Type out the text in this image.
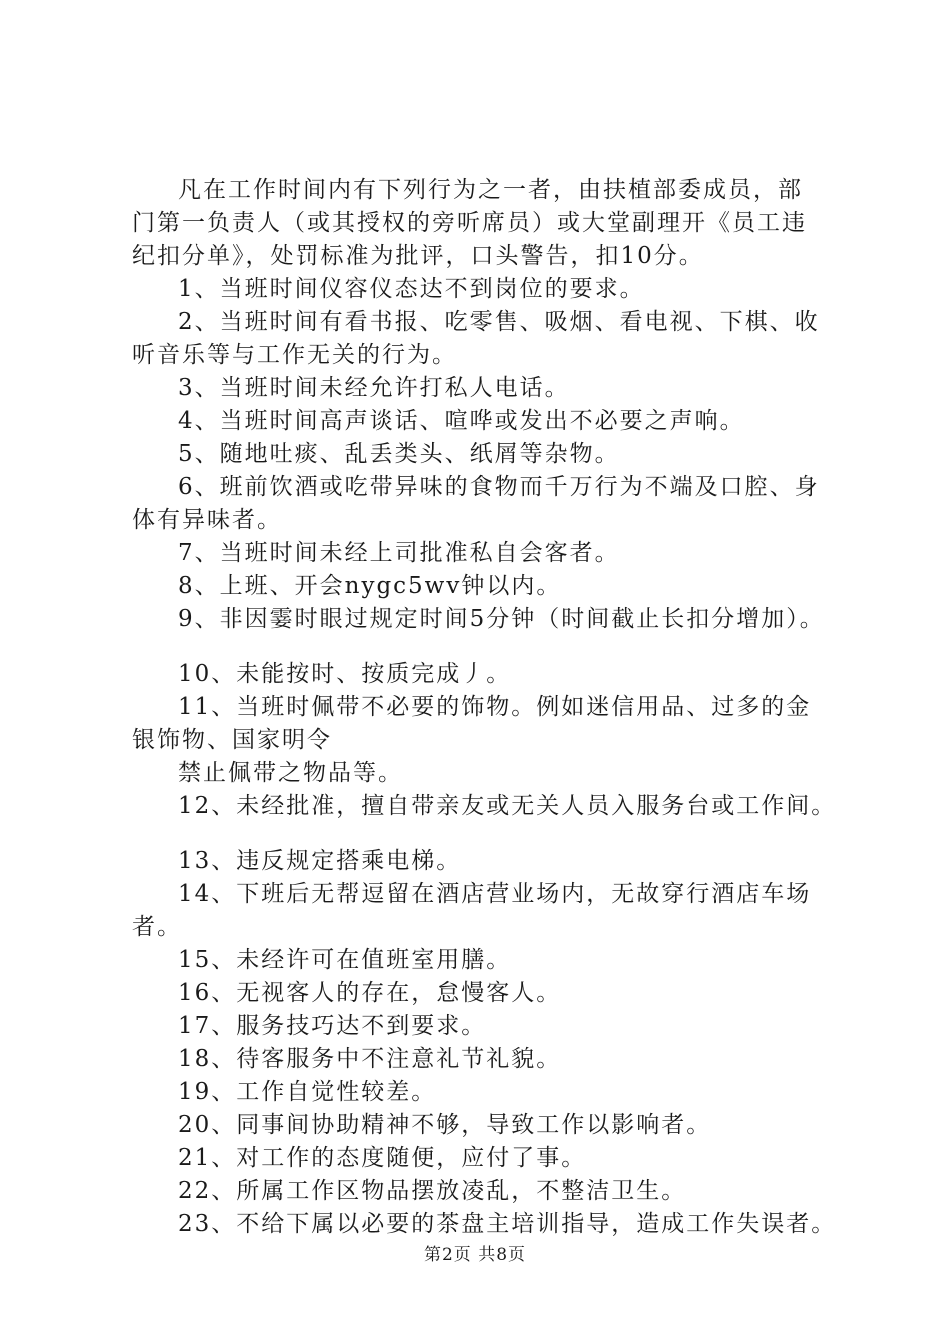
凡在工作时间内有下列行为之一者，由扶植部委成员，部
门第一负责人（或其授权的旁听席员）或大堂副理开《员工违
纪扣分单》，处罚标准为批评，口头警告，扣10分。
1、当班时间仪容仪态达不到岗位的要求。
2、当班时间有看书报、吃零售、吸烟、看电视、下棋、收
听音乐等与工作无关的行为。
3、当班时间未经允许打私人电话。
4、当班时间高声谈话、喧哗或发出不必要之声响。
5、随地吐痰、乱丢类头、纸屑等杂物。
6、班前饮酒或吃带异味的食物而千万行为不端及口腔、身
体有异味者。
7、当班时间未经上司批准私自会客者。
8、上班、开会nygc5wv钟以内。
9、非因霎时眼过规定时间5分钟（时间截止长扣分增加）。
10、未能按时、按质完成丿。
11、当班时佩带不必要的饰物。例如迷信用品、过多的金
银饰物、国家明令
禁止佩带之物品等。
12、未经批准，擅自带亲友或无关人员入服务台或工作间。
13、违反规定搭乘电梯。
14、下班后无帮逗留在酒店营业场内，无故穿行酒店车场
者。
15、未经许可在值班室用膳。
16、无视客人的存在，怠慢客人。
17、服务技巧达不到要求。
18、待客服务中不注意礼节礼貌。
19、工作自觉性较差。
20、同事间协助精神不够，导致工作以影响者。
21、对工作的态度随便，应付了事。
22、所属工作区物品摆放凌乱，不整洁卫生。
23、不给下属以必要的茶盘主培训指导，造成工作失误者。
第2页 共8页
